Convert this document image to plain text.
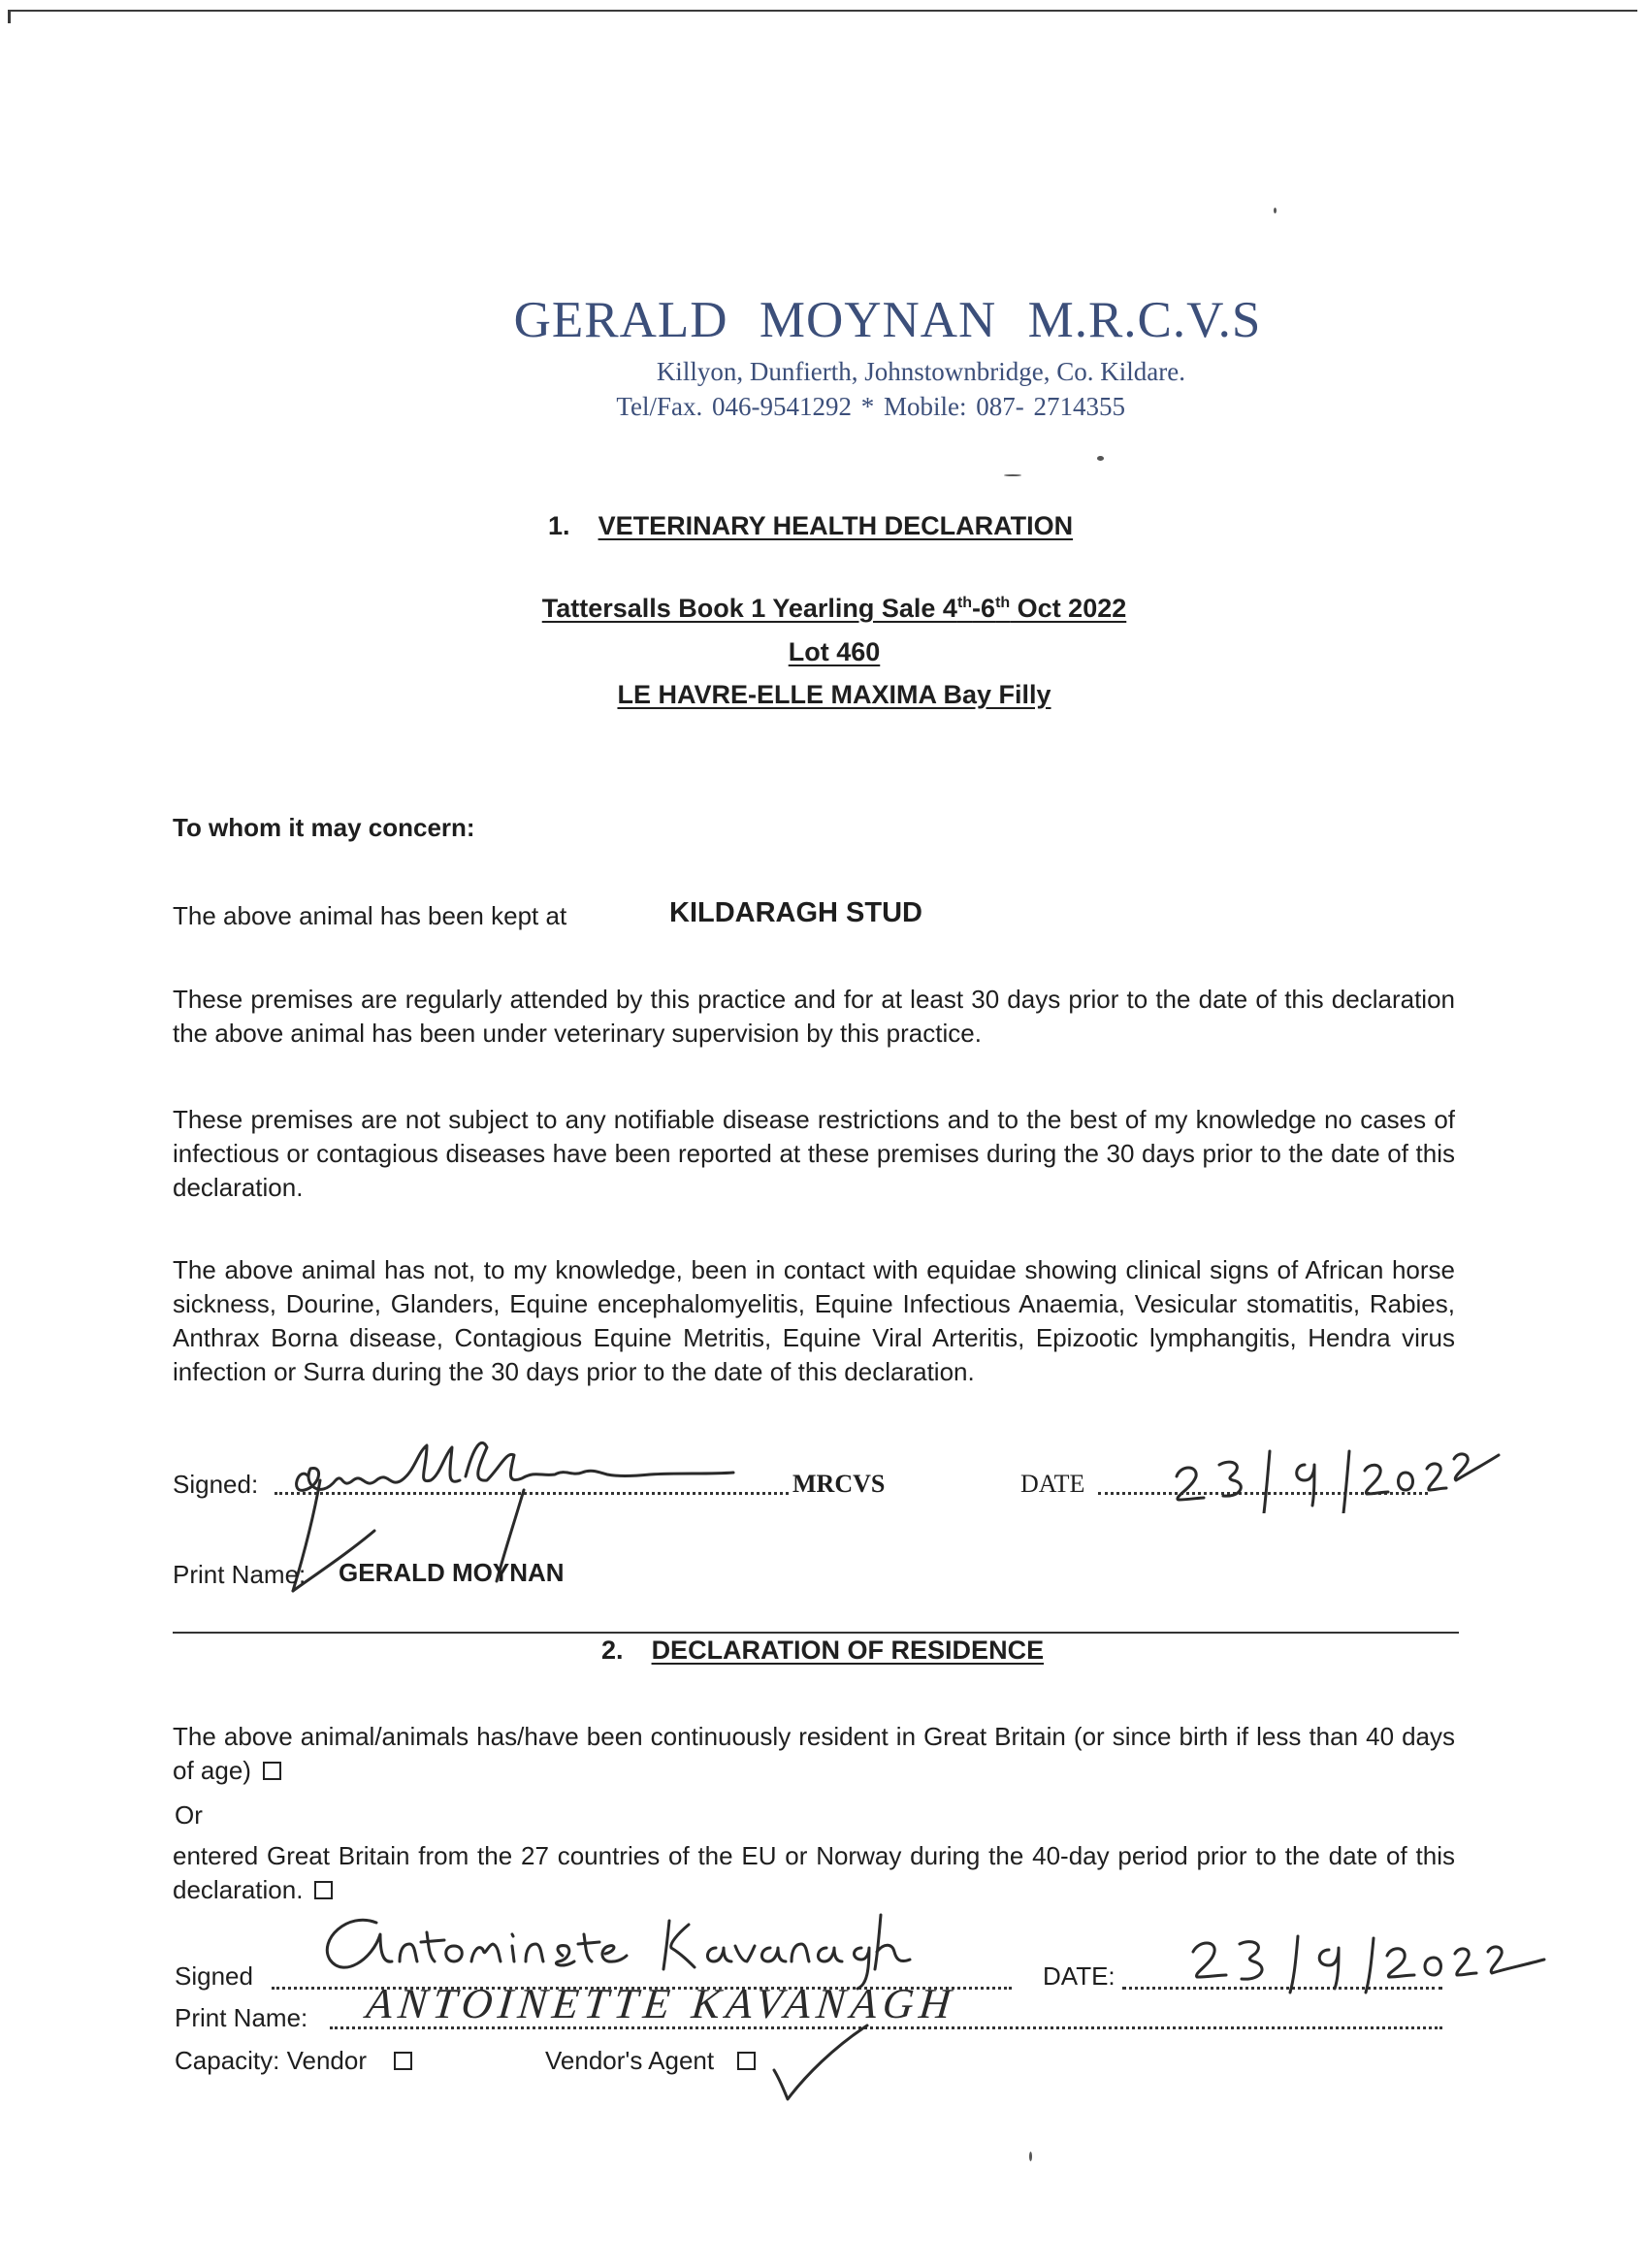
GERALD MOYNAN M.R.C.V.S
Killyon, Dunfierth, Johnstownbridge, Co. Kildare.
Tel/Fax. 046-9541292 * Mobile: 087- 2714355
1. VETERINARY HEALTH DECLARATION
Tattersalls Book 1 Yearling Sale 4th-6th Oct 2022
Lot 460
LE HAVRE-ELLE MAXIMA Bay Filly
To whom it may concern:
The above animal has been kept at	KILDARAGH STUD
These premises are regularly attended by this practice and for at least 30 days prior to the date of this declaration the above animal has been under veterinary supervision by this practice.
These premises are not subject to any notifiable disease restrictions and to the best of my knowledge no cases of infectious or contagious diseases have been reported at these premises during the 30 days prior to the date of this declaration.
The above animal has not, to my knowledge, been in contact with equidae showing clinical signs of African horse sickness, Dourine, Glanders, Equine encephalomyelitis, Equine Infectious Anaemia, Vesicular stomatitis, Rabies, Anthrax Borna disease, Contagious Equine Metritis, Equine Viral Arteritis, Epizootic lymphangitis, Hendra virus infection or Surra during the 30 days prior to the date of this declaration.
Signed:	MRCVS	DATE
Print Name: GERALD MOYNAN
2. DECLARATION OF RESIDENCE
The above animal/animals has/have been continuously resident in Great Britain (or since birth if less than 40 days of age)
Or
entered Great Britain from the 27 countries of the EU or Norway during the 40-day period prior to the date of this declaration.
Signed	DATE:
Print Name: ANTOINETTE KAVANAGH
Capacity: Vendor	Vendor's Agent
